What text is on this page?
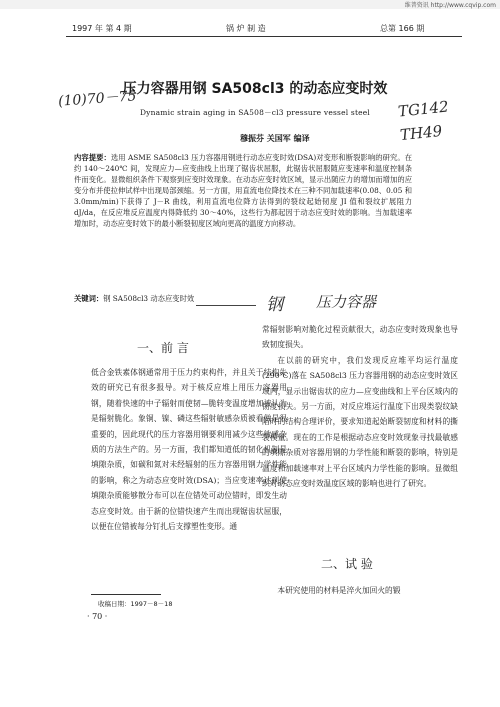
维普资讯 http://www.cqvip.com
1997 年 第 4 期	锅 炉 制 造	总第 166 期
(10)70－75	TG142
TH49
压力容器用钢 SA508cl3 的动态应变时效
Dynamic strain aging in SA508－cl3 pressure vessel steel
穆振芬 关国军 编译
内容提要：选用 ASME SA508cl3 压力容器用钢进行动态应变时效(DSA)对变形和断裂影响的研究。在约 140～240℃ 间，发现应力—应变曲线上出现了锯齿状屈服，此锯齿状屈服随应变速率和温度控制条件而变化。显微组织条件下观察到应变时效现象。在动态应变时效区域，显示出随应力的增加而增加的应变分布并使拉伸试样中出现局部颈缩。另一方面，用直流电位降技术在三种不同加载速率(0.08、0.05 和 3.0mm/min)下获得了 J－R 曲线，利用直流电位降方法得到的裂纹起始韧度 JI 值和裂纹扩展阻力 dJ/da，在反应堆反应温度内得降低约 30～40%，这些行为都起因于动态应变时效的影响。当加载速率增加时，动态应变时效下的最小断裂韧度区域向更高的温度方向移动。
关键词：钢 SA508cl3 动态应变时效	钢 压力容器
一、前 言
低合金铁素体钢通常用于压力约束构件，并且关于结构失效的研究已有很多报导。对于核反应堆上用压力容器用钢，随着快速的中子辐射而使韧—脆转变温度增加被认为是辐射脆化。象铜、镍、磷这些辐射敏感杂质被看做是很重要的，因此现代的压力容器用钢要利用减少这些敏感杂质的方法生产的。另一方面，我们都知道低的韧化机制是填隙杂质，如碳和氮对未经辐射的压力容器用钢力学性能的影响，称之为动态应变时效(DSA)；当应变速率达到使填隙杂质能够散分布可以在位错处可动位错时，即发生动态应变时效。由于新的位错快速产生而出现锯齿状屈服，以便在位错被每分钉扎后支撑塑性变形。通
常辐射影响对脆化过程贡献很大，动态应变时效现象也导致韧度损失。
在以前的研究中，我们发现反应堆平均运行温度(290℃)落在 SA508cl3 压力容器用钢的动态应变时效区域内，显示出锯齿状的应力—应变曲线和上平台区域内的韧度损失。另一方面，对反应堆运行温度下出现类裂纹缺陷时的结构合理评价，要求知道起始断裂韧度和材料的撕裂模量。现在的工作是根据动态应变时效现象寻找最敏感的填隙杂质对容器用钢的力学性能和断裂的影响，特别是温度和加载速率对上平台区域内力学性能的影响。显微组织对动态应变时效温度区域的影响也进行了研究。
二、试 验
本研究使用的材料是淬火加回火的锻
收稿日期：1997－8－18
· 70 ·
